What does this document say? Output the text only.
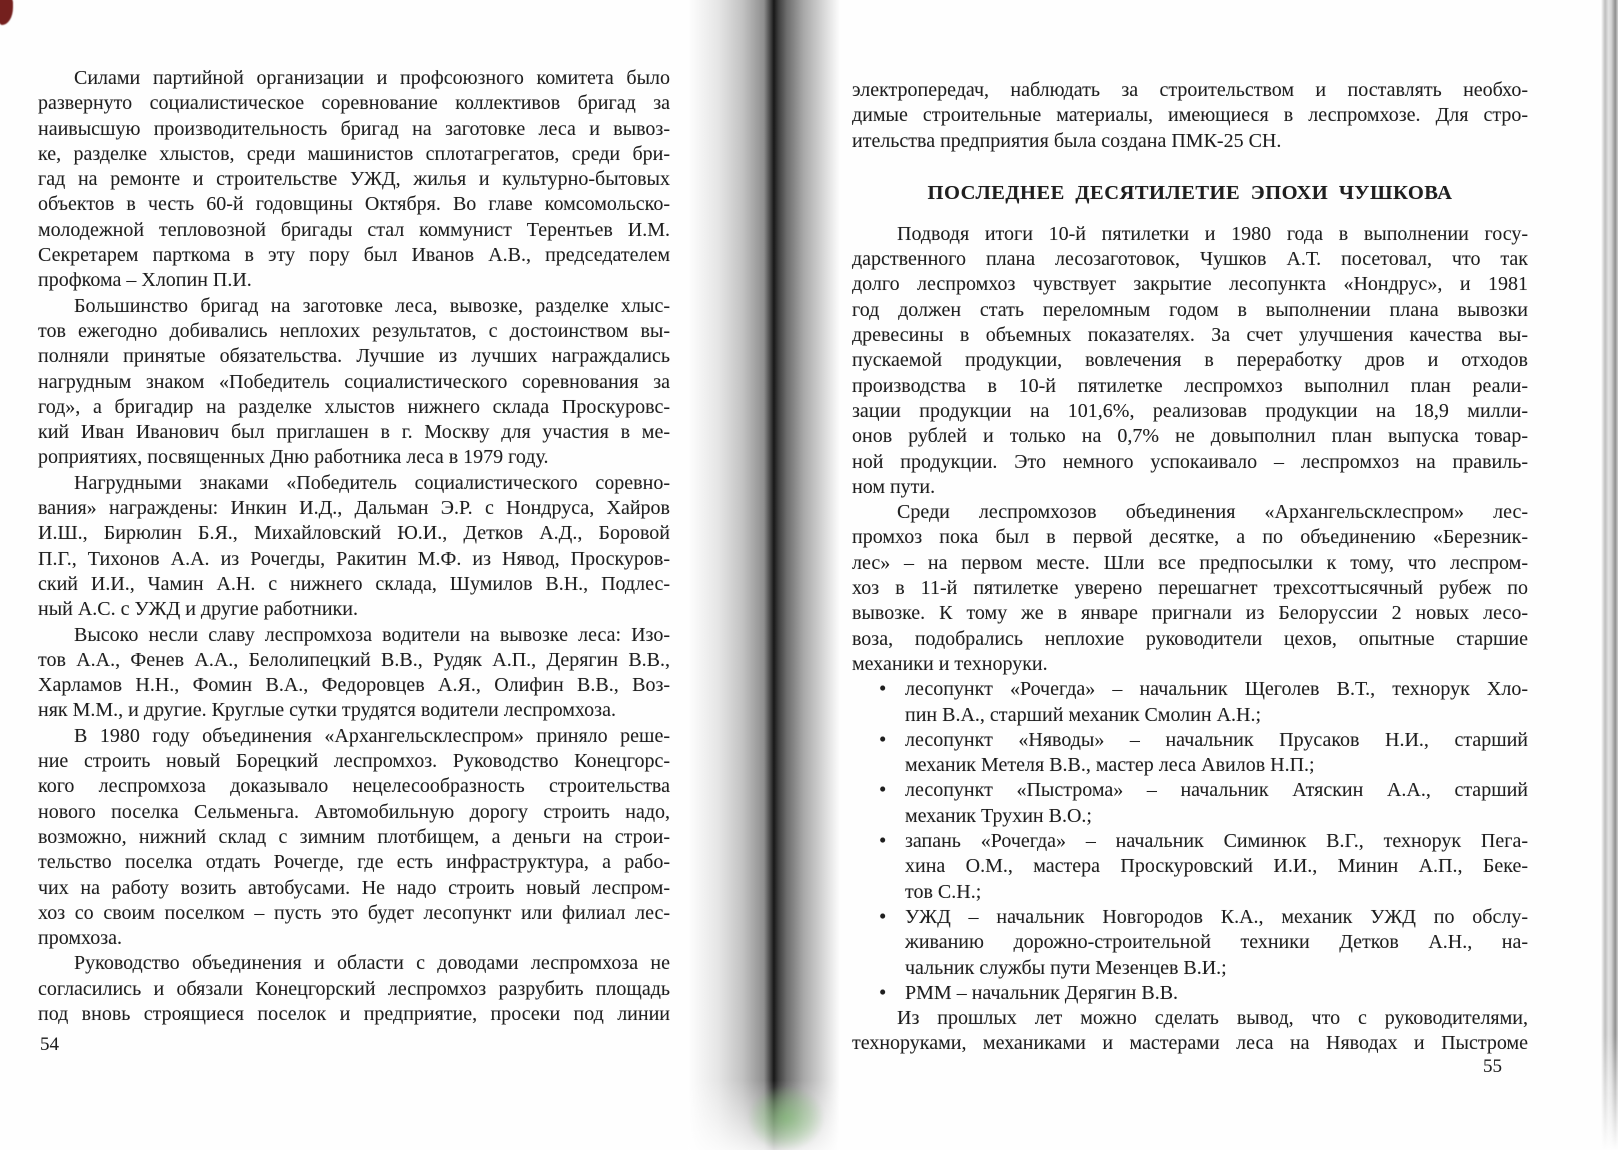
Силами партийной организации и профсоюзного комитета было
развернуто социалистическое соревнование коллективов бригад за
наивысшую производительность бригад на заготовке леса и вывоз-
ке, разделке хлыстов, среди машинистов сплотагрегатов, среди бри-
гад на ремонте и строительстве УЖД, жилья и культурно-бытовых
объектов в честь 60-й годовщины Октября. Во главе комсомольско-
молодежной тепловозной бригады стал коммунист Терентьев И.М.
Секретарем парткома в эту пору был Иванов А.В., председателем
профкома – Хлопин П.И.
Большинство бригад на заготовке леса, вывозке, разделке хлыс-
тов ежегодно добивались неплохих результатов, с достоинством вы-
полняли принятые обязательства. Лучшие из лучших награждались
нагрудным знаком «Победитель социалистического соревнования за
год», а бригадир на разделке хлыстов нижнего склада Проскуровс-
кий Иван Иванович был приглашен в г. Москву для участия в ме-
роприятиях, посвященных Дню работника леса в 1979 году.
Нагрудными знаками «Победитель социалистического соревно-
вания» награждены: Инкин И.Д., Дальман Э.Р. с Нондруса, Хайров
И.Ш., Бирюлин Б.Я., Михайловский Ю.И., Детков А.Д., Боровой
П.Г., Тихонов А.А. из Рочегды, Ракитин М.Ф. из Нявод, Проскуров-
ский И.И., Чамин А.Н. с нижнего склада, Шумилов В.Н., Подлес-
ный А.С. с УЖД и другие работники.
Высоко несли славу леспромхоза водители на вывозке леса: Изо-
тов А.А., Фенев А.А., Белолипецкий В.В., Рудяк А.П., Дерягин В.В.,
Харламов Н.Н., Фомин В.А., Федоровцев А.Я., Олифин В.В., Воз-
няк М.М., и другие. Круглые сутки трудятся водители леспромхоза.
В 1980 году объединения «Архангельсклеспром» приняло реше-
ние строить новый Борецкий леспромхоз. Руководство Конецгорс-
кого леспромхоза доказывало нецелесообразность строительства
нового поселка Сельменьга. Автомобильную дорогу строить надо,
возможно, нижний склад с зимним плотбищем, а деньги на строи-
тельство поселка отдать Рочегде, где есть инфраструктура, а рабо-
чих на работу возить автобусами. Не надо строить новый леспром-
хоз со своим поселком – пусть это будет лесопункт или филиал лес-
промхоза.
Руководство объединения и области с доводами леспромхоза не
согласились и обязали Конецгорский леспромхоз разрубить площадь
под вновь строящиеся поселок и предприятие, просеки под линии
электропередач, наблюдать за строительством и поставлять необхо-
димые строительные материалы, имеющиеся в леспромхозе. Для стро-
ительства предприятия была создана ПМК-25 СН.
ПОСЛЕДНЕЕ ДЕСЯТИЛЕТИЕ ЭПОХИ ЧУШКОВА
Подводя итоги 10-й пятилетки и 1980 года в выполнении госу-
дарственного плана лесозаготовок, Чушков А.Т. посетовал, что так
долго леспромхоз чувствует закрытие лесопункта «Нондрус», и 1981
год должен стать переломным годом в выполнении плана вывозки
древесины в объемных показателях. За счет улучшения качества вы-
пускаемой продукции, вовлечения в переработку дров и отходов
производства в 10-й пятилетке леспромхоз выполнил план реали-
зации продукции на 101,6%, реализовав продукции на 18,9 милли-
онов рублей и только на 0,7% не довыполнил план выпуска товар-
ной продукции. Это немного успокаивало – леспромхоз на правиль-
ном пути.
Среди леспромхозов объединения «Архангельсклеспром» лес-
промхоз пока был в первой десятке, а по объединению «Березник-
лес» – на первом месте. Шли все предпосылки к тому, что леспром-
хоз в 11-й пятилетке уверено перешагнет трехсоттысячный рубеж по
вывозке. К тому же в январе пригнали из Белоруссии 2 новых лесо-
воза, подобрались неплохие руководители цехов, опытные старшие
механики и техноруки.
• лесопункт «Рочегда» – начальник Щеголев В.Т., технорук Хло-
пин В.А., старший механик Смолин А.Н.;
• лесопункт «Няводы» – начальник Прусаков Н.И., старший
механик Метеля В.В., мастер леса Авилов Н.П.;
• лесопункт «Пыстрома» – начальник Атяскин А.А., старший
механик Трухин В.О.;
• запань «Рочегда» – начальник Симинюк В.Г., технорук Пега-
хина О.М., мастера Проскуровский И.И., Минин А.П., Беке-
тов С.Н.;
• УЖД – начальник Новгородов К.А., механик УЖД по обслу-
живанию дорожно-строительной техники Детков А.Н., на-
чальник службы пути Мезенцев В.И.;
• РММ – начальник Дерягин В.В.
Из прошлых лет можно сделать вывод, что с руководителями,
техноруками, механиками и мастерами леса на Няводах и Пыстроме
54
55
